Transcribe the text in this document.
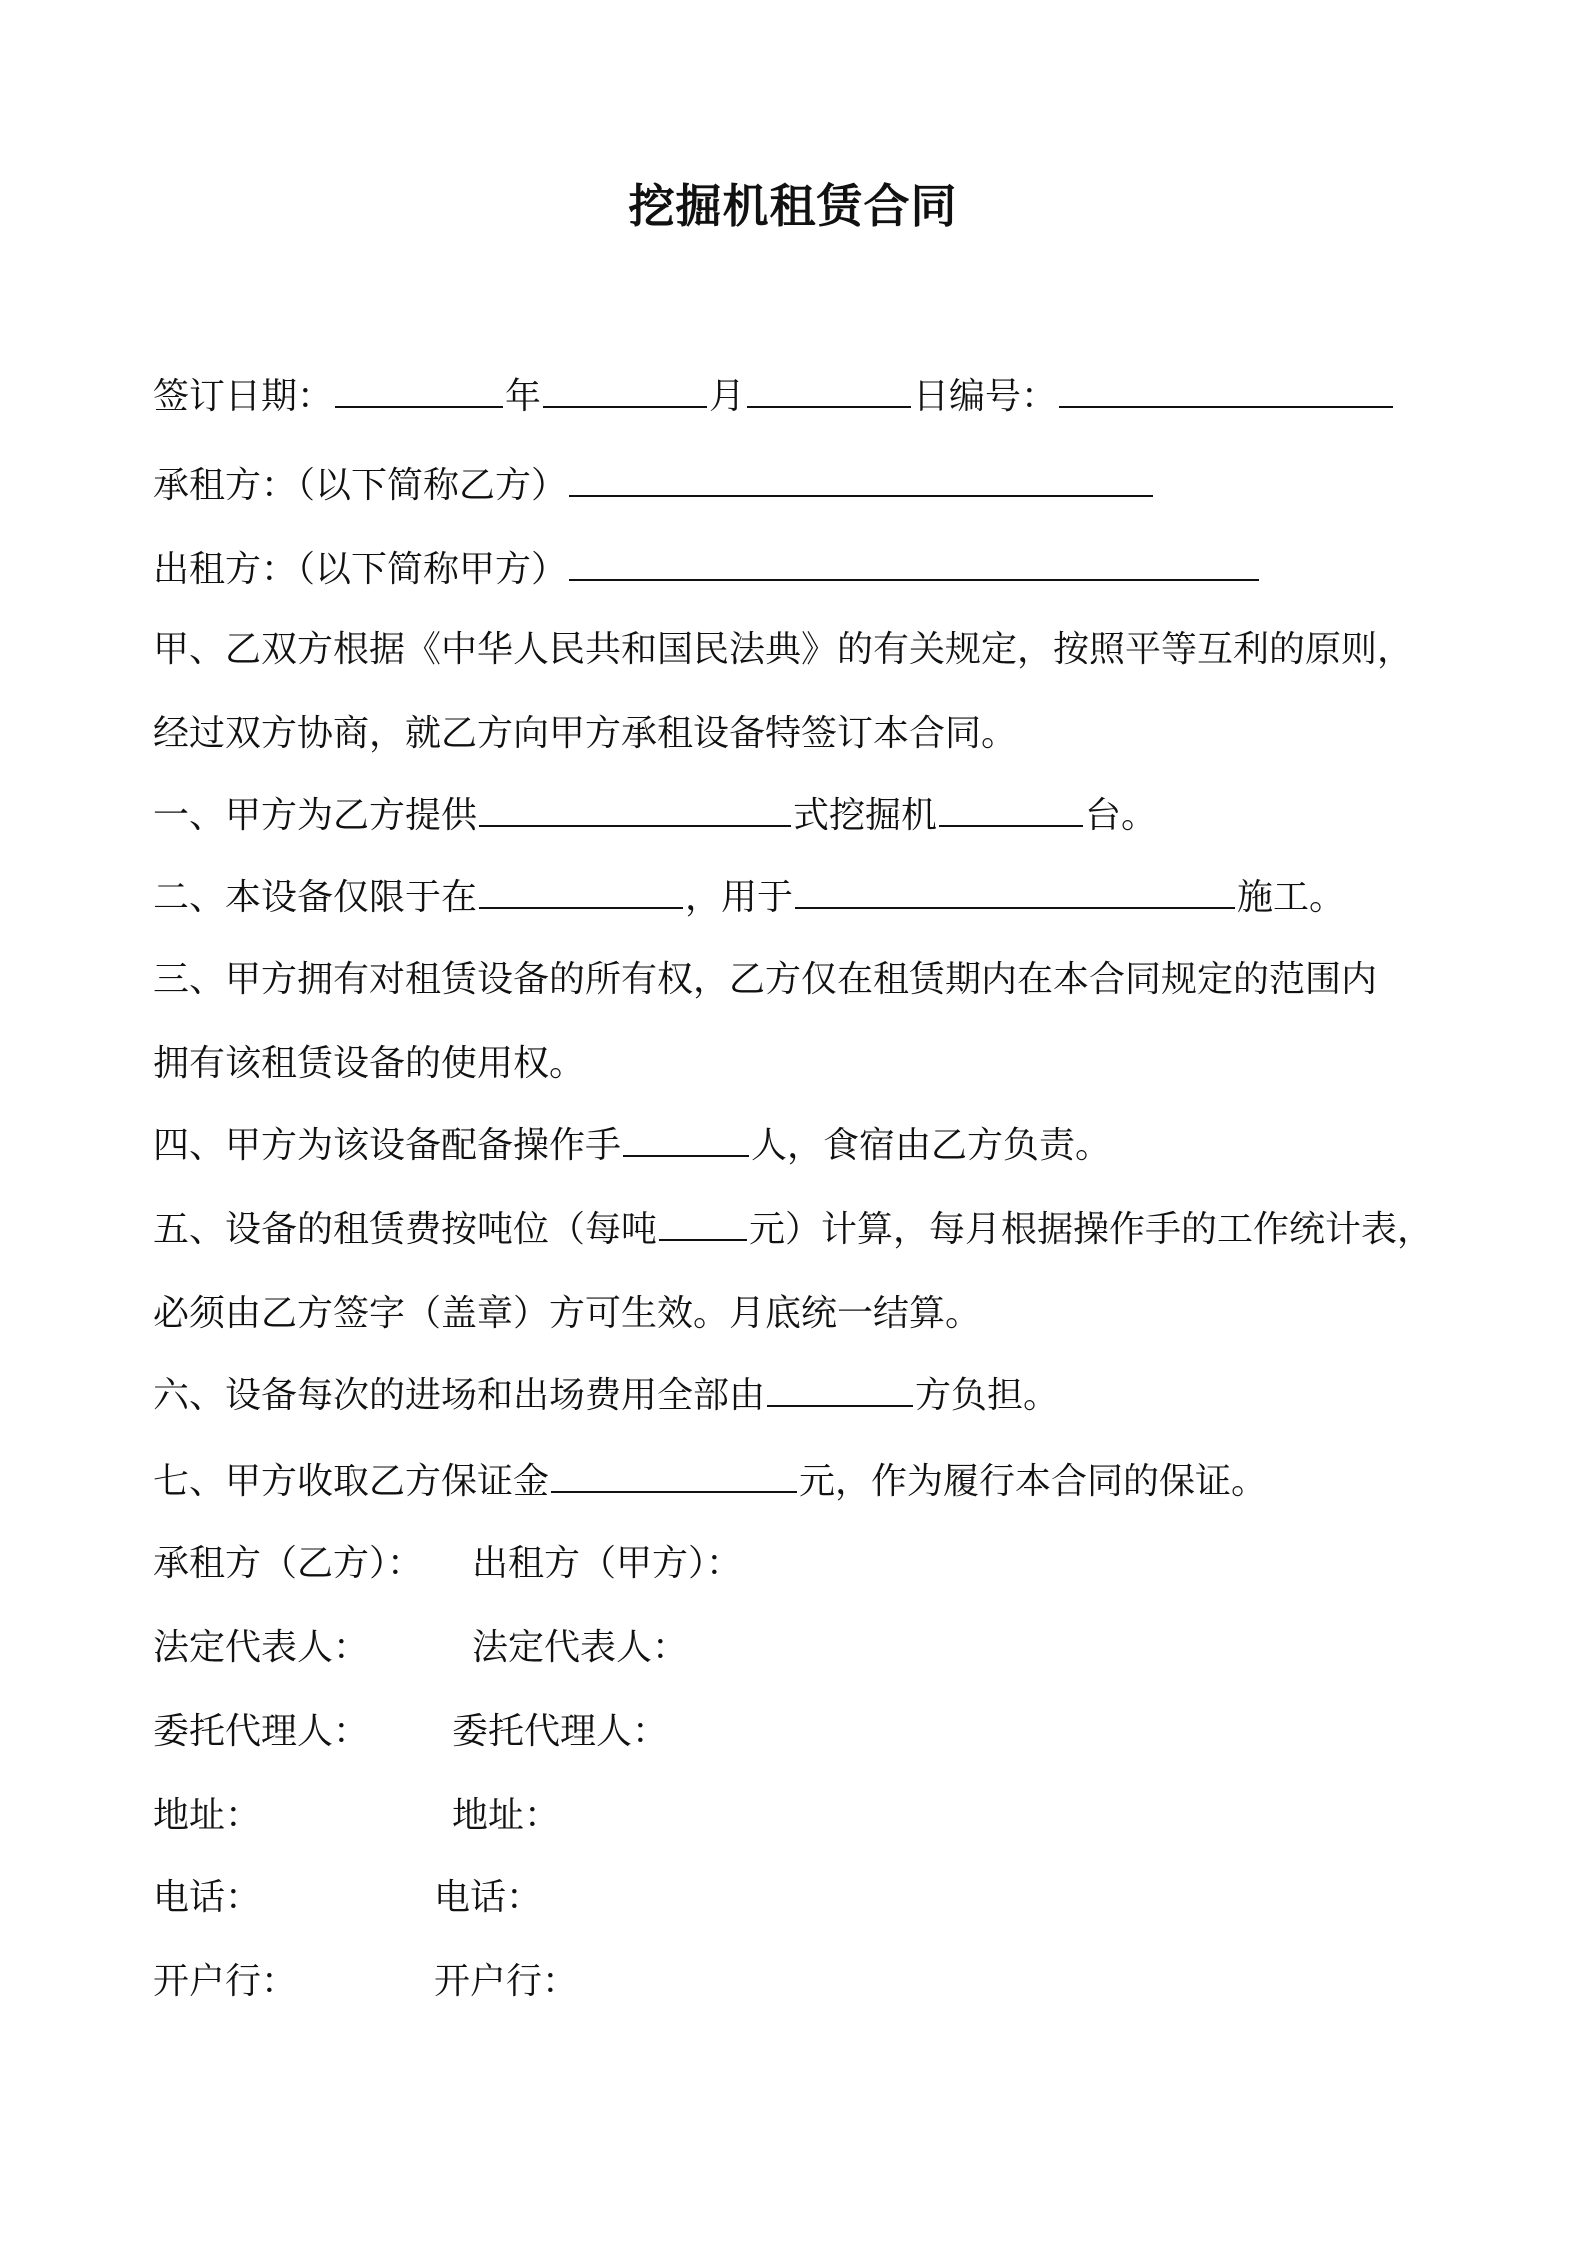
挖掘机租赁合同
签订日期：	年	月	日编号：
承租方：（以下简称乙方）
出租方：（以下简称甲方）
甲、乙双方根据《中华人民共和国民法典》的有关规定，按照平等互利的原则，
经过双方协商，就乙方向甲方承租设备特签订本合同。
一、甲方为乙方提供	式挖掘机	台。
二、本设备仅限于在	，用于	施工。
三、甲方拥有对租赁设备的所有权，乙方仅在租赁期内在本合同规定的范围内
拥有该租赁设备的使用权。
四、甲方为该设备配备操作手	人，食宿由乙方负责。
五、设备的租赁费按吨位（每吨	元）计算，每月根据操作手的工作统计表，
必须由乙方签字（盖章）方可生效。月底统一结算。
六、设备每次的进场和出场费用全部由	方负担。
七、甲方收取乙方保证金	元，作为履行本合同的保证。
承租方（乙方）： 出租方（甲方）：
法定代表人：	法定代表人：
委托代理人： 委托代理人：
地址：	地址：
电话：	电话：
开户行：	开户行：
